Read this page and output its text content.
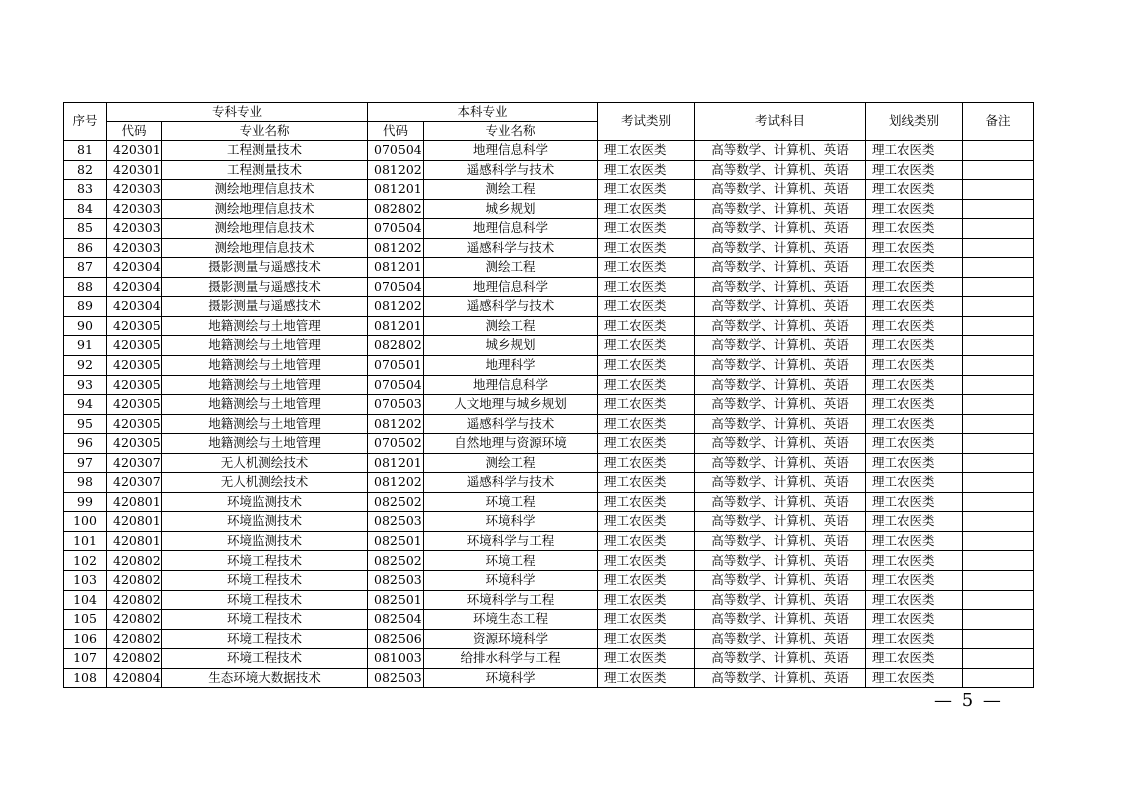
序号	专科专业		本科专业		考试类别	考试科目	划线类别	备注
	代码	专业名称	代码	专业名称				
81	420301	工程测量技术	070504	地理信息科学	理工农医类	高等数学、计算机、英语	理工农医类	
82	420301	工程测量技术	081202	遥感科学与技术	理工农医类	高等数学、计算机、英语	理工农医类	
83	420303	测绘地理信息技术	081201	测绘工程	理工农医类	高等数学、计算机、英语	理工农医类	
84	420303	测绘地理信息技术	082802	城乡规划	理工农医类	高等数学、计算机、英语	理工农医类	
85	420303	测绘地理信息技术	070504	地理信息科学	理工农医类	高等数学、计算机、英语	理工农医类	
86	420303	测绘地理信息技术	081202	遥感科学与技术	理工农医类	高等数学、计算机、英语	理工农医类	
87	420304	摄影测量与遥感技术	081201	测绘工程	理工农医类	高等数学、计算机、英语	理工农医类	
88	420304	摄影测量与遥感技术	070504	地理信息科学	理工农医类	高等数学、计算机、英语	理工农医类	
89	420304	摄影测量与遥感技术	081202	遥感科学与技术	理工农医类	高等数学、计算机、英语	理工农医类	
90	420305	地籍测绘与土地管理	081201	测绘工程	理工农医类	高等数学、计算机、英语	理工农医类	
91	420305	地籍测绘与土地管理	082802	城乡规划	理工农医类	高等数学、计算机、英语	理工农医类	
92	420305	地籍测绘与土地管理	070501	地理科学	理工农医类	高等数学、计算机、英语	理工农医类	
93	420305	地籍测绘与土地管理	070504	地理信息科学	理工农医类	高等数学、计算机、英语	理工农医类	
94	420305	地籍测绘与土地管理	070503	人文地理与城乡规划	理工农医类	高等数学、计算机、英语	理工农医类	
95	420305	地籍测绘与土地管理	081202	遥感科学与技术	理工农医类	高等数学、计算机、英语	理工农医类	
96	420305	地籍测绘与土地管理	070502	自然地理与资源环境	理工农医类	高等数学、计算机、英语	理工农医类	
97	420307	无人机测绘技术	081201	测绘工程	理工农医类	高等数学、计算机、英语	理工农医类	
98	420307	无人机测绘技术	081202	遥感科学与技术	理工农医类	高等数学、计算机、英语	理工农医类	
99	420801	环境监测技术	082502	环境工程	理工农医类	高等数学、计算机、英语	理工农医类	
100	420801	环境监测技术	082503	环境科学	理工农医类	高等数学、计算机、英语	理工农医类	
101	420801	环境监测技术	082501	环境科学与工程	理工农医类	高等数学、计算机、英语	理工农医类	
102	420802	环境工程技术	082502	环境工程	理工农医类	高等数学、计算机、英语	理工农医类	
103	420802	环境工程技术	082503	环境科学	理工农医类	高等数学、计算机、英语	理工农医类	
104	420802	环境工程技术	082501	环境科学与工程	理工农医类	高等数学、计算机、英语	理工农医类	
105	420802	环境工程技术	082504	环境生态工程	理工农医类	高等数学、计算机、英语	理工农医类	
106	420802	环境工程技术	082506	资源环境科学	理工农医类	高等数学、计算机、英语	理工农医类	
107	420802	环境工程技术	081003	给排水科学与工程	理工农医类	高等数学、计算机、英语	理工农医类	
108	420804	生态环境大数据技术	082503	环境科学	理工农医类	高等数学、计算机、英语	理工农医类	
— 5 —
